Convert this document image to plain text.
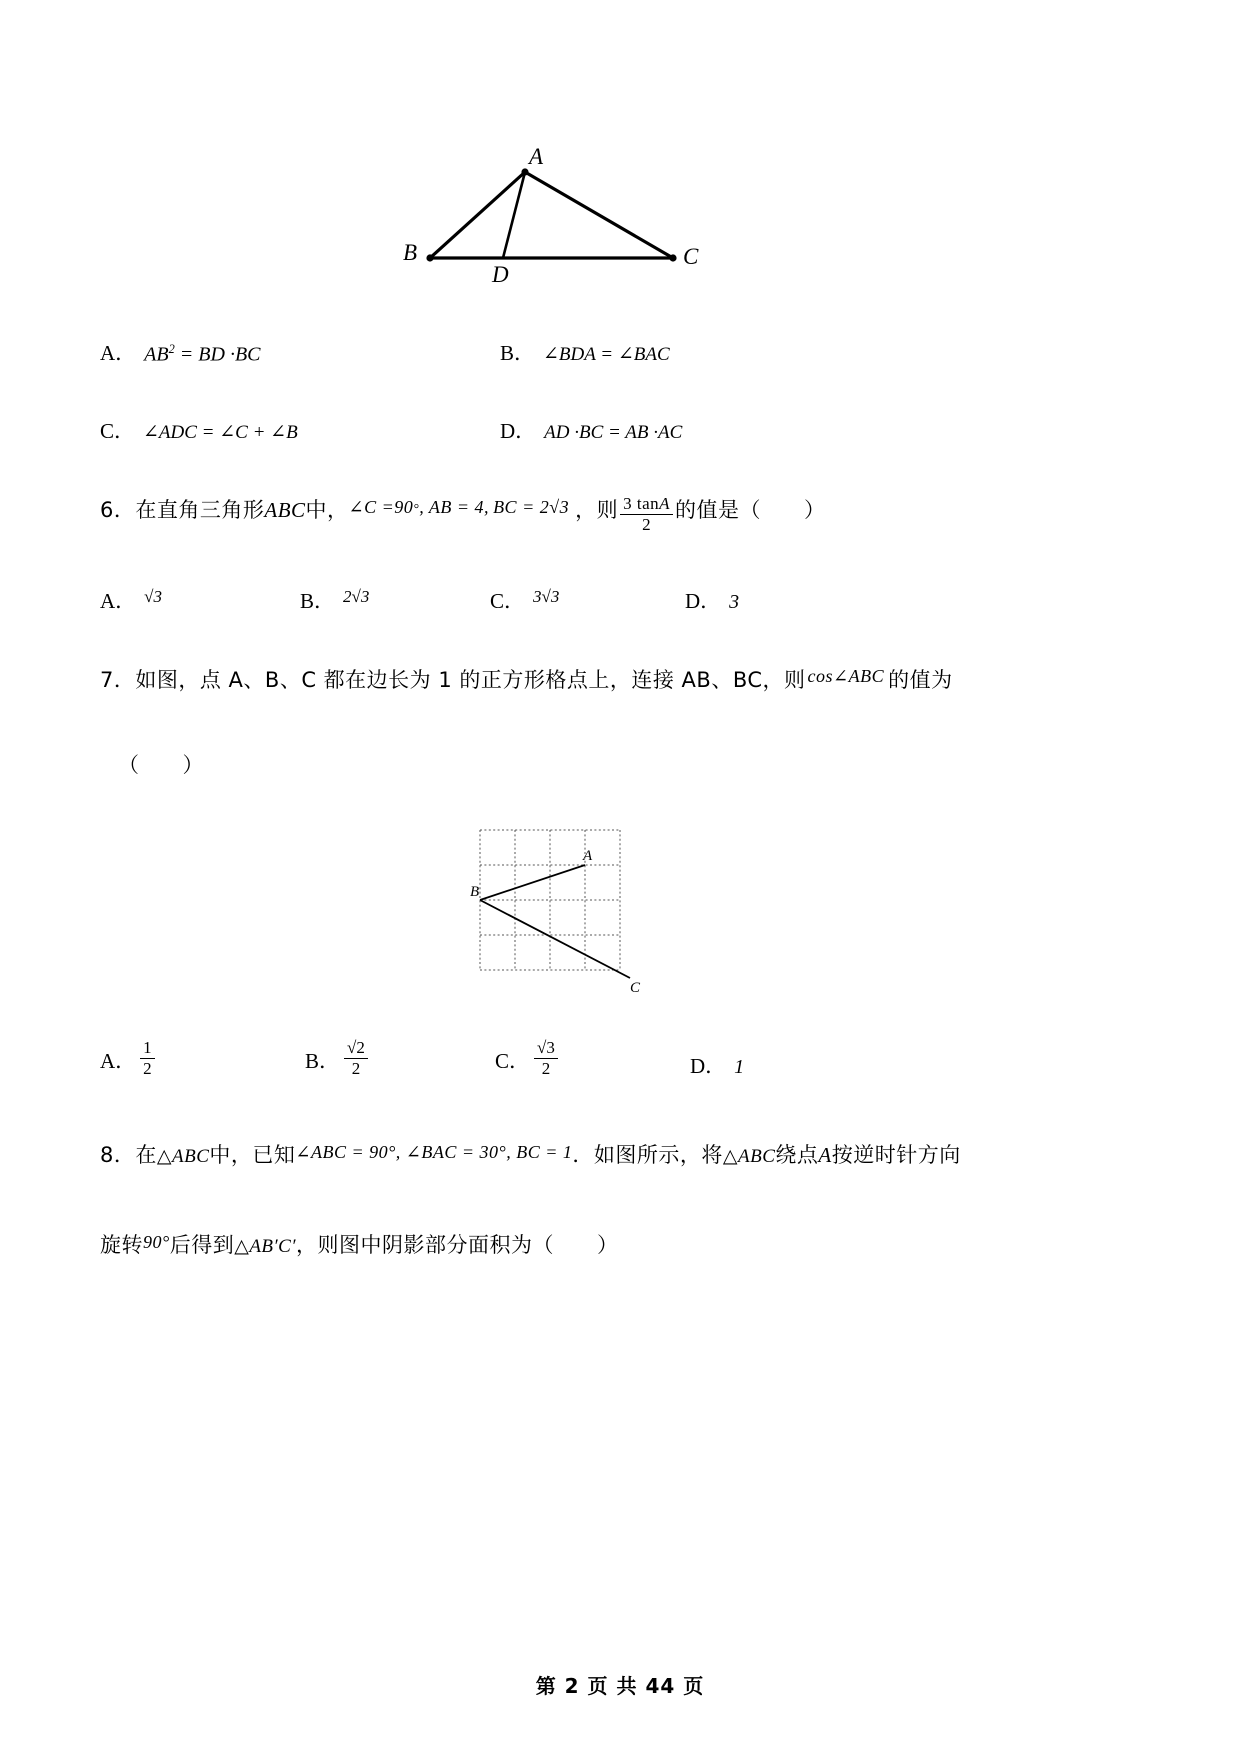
A
B
D
C
A． $AB^2$ = BD ·BC	B． ∠BDA = ∠BAC
C． ∠ADC = ∠C + ∠B	D． AD ·BC = AB ·AC
6． 在直角三角形 ABC 中， ∠C =90 ° , AB = 4, BC = 2 √3 ，则 $\frac{3 \tan A}{2}$ 的值是（　　）
A． √3	B． 2√3	C． 3√3	D． 3
7． 如图，点 A、B、C 都在边长为 1 的正方形格点上，连接 AB、BC，则 cos∠ABC 的值为
（　　）
A
B
C
A． $\frac{1}{2}$	B． $\frac{√2}{2}$	C． $\frac{√3}{2}$	D． 1
8． 在 △ABC 中，已知 ∠ABC = 90°, ∠BAC = 30°, BC = 1 ．如图所示，将 △ABC 绕点 A 按逆时针方向
旋转 90° 后得到 △AB′C′ ，则图中阴影部分面积为（　　）
第 2 页 共 44 页
